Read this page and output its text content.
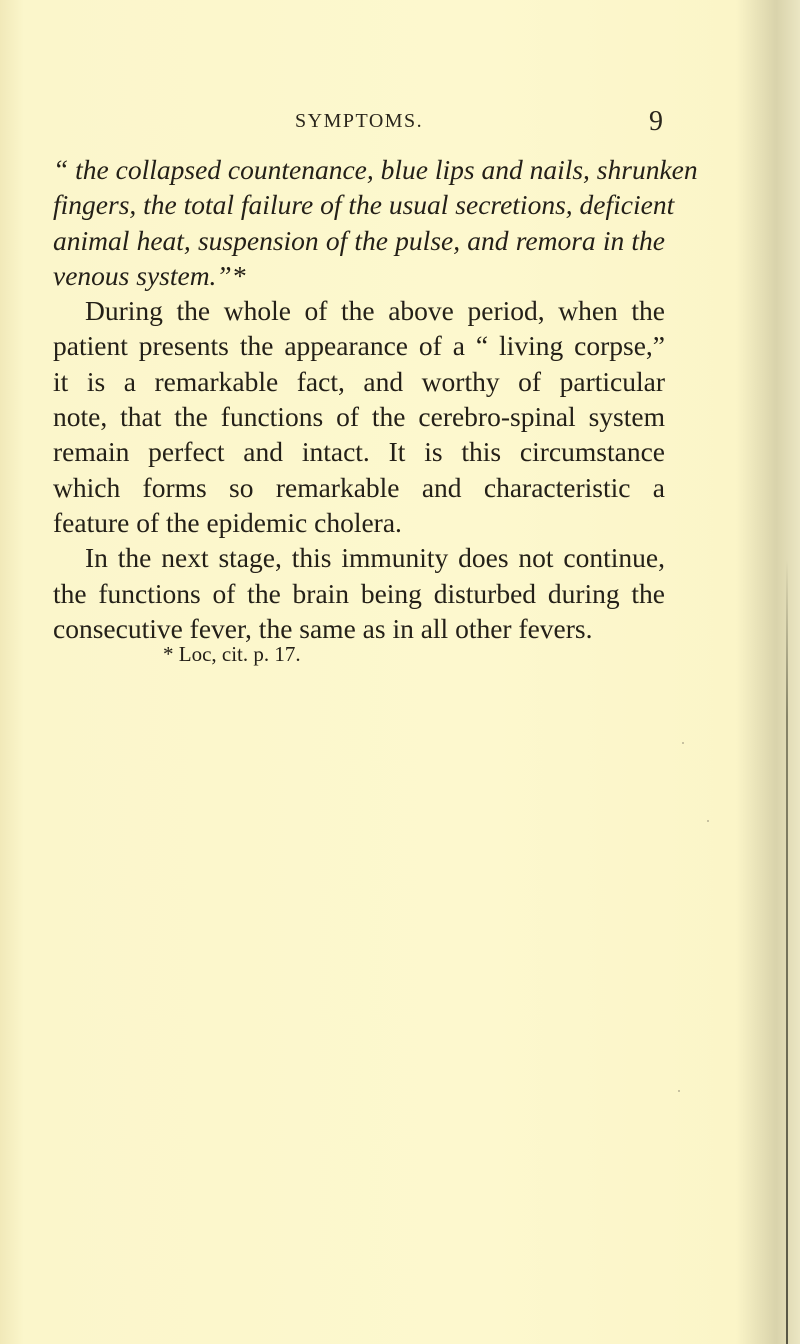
SYMPTOMS.	9
“ the collapsed countenance, blue lips and nails, shrunken
fingers, the total failure of the usual secretions, deficient
animal heat, suspension of the pulse, and remora in the
venous system.”*
During the whole of the above period, when the
patient presents the appearance of a “ living corpse,”
it is a remarkable fact, and worthy of particular
note, that the functions of the cerebro-spinal system
remain perfect and intact. It is this circumstance
which forms so remarkable and characteristic a
feature of the epidemic cholera.
In the next stage, this immunity does not continue,
the functions of the brain being disturbed during the
consecutive fever, the same as in all other fevers.
* Loc, cit. p. 17.
